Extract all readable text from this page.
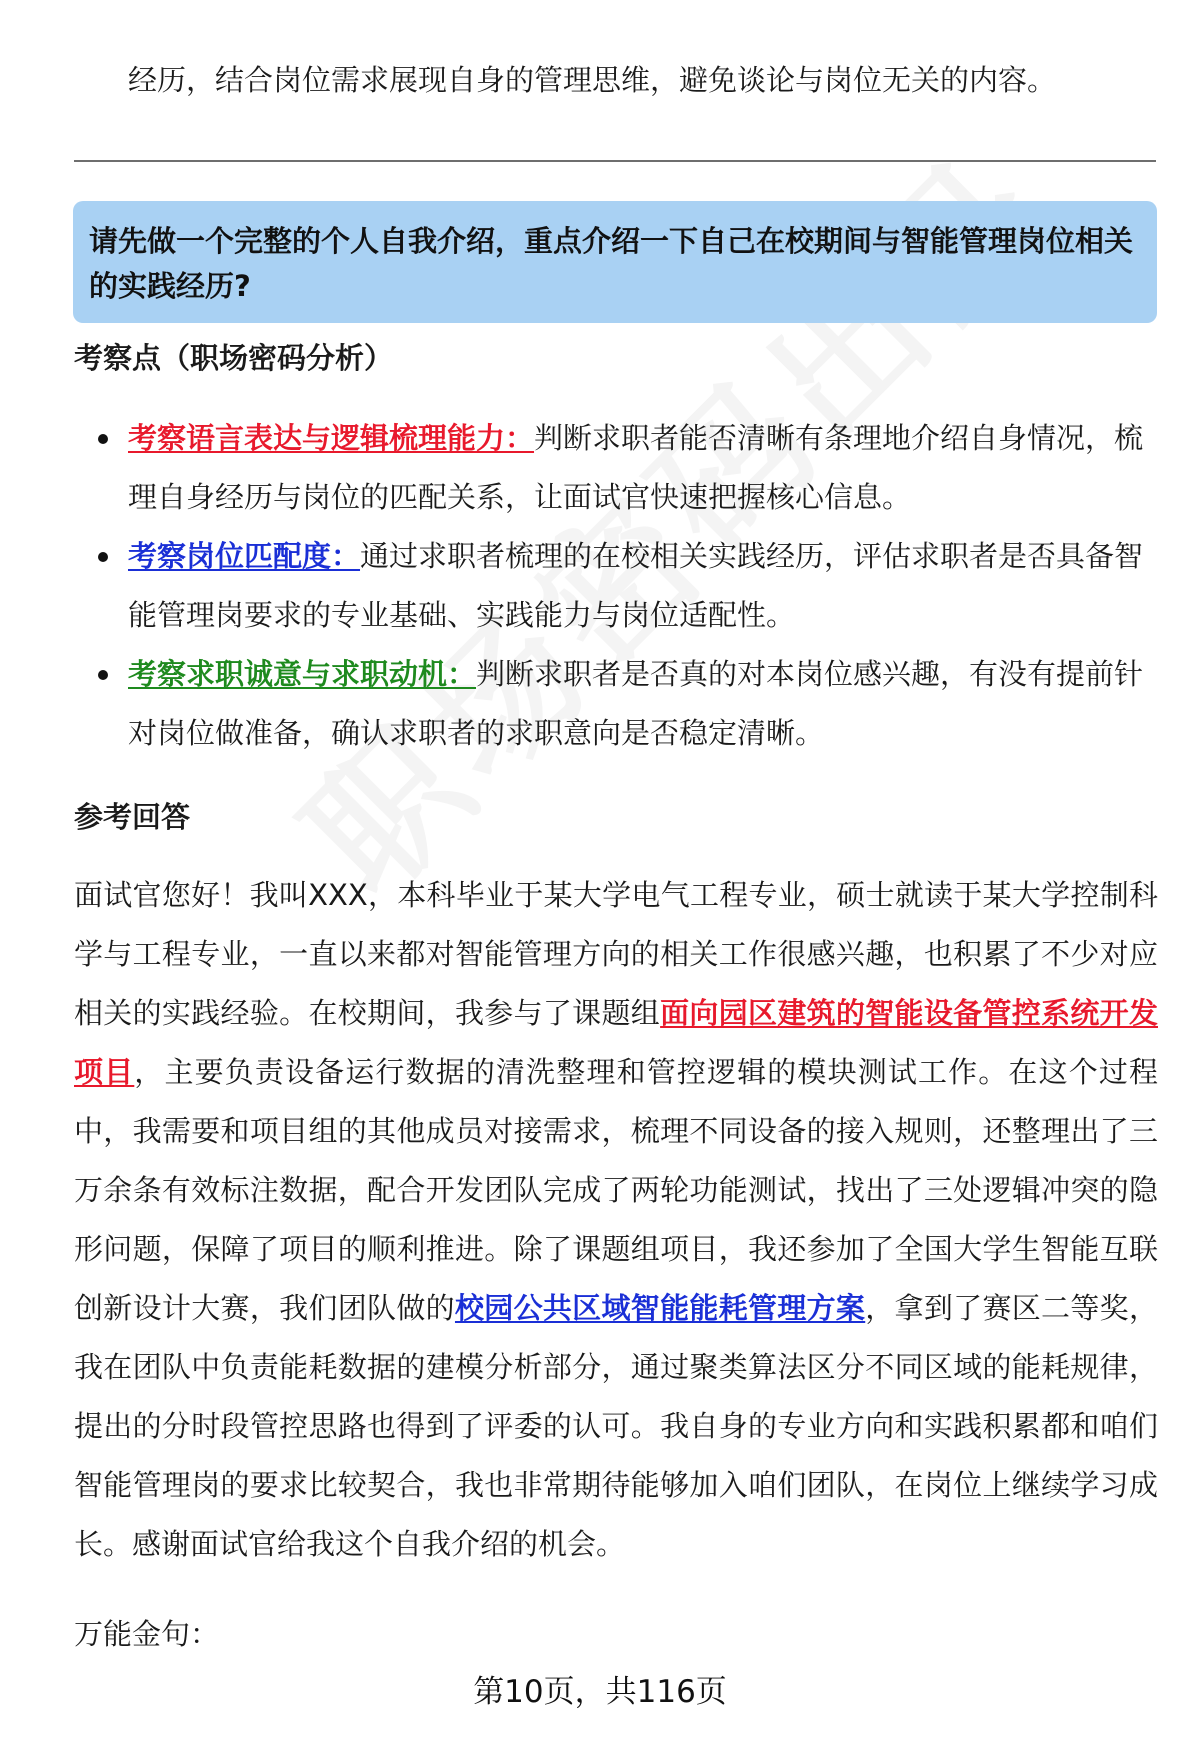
经历，结合岗位需求展现自身的管理思维，避免谈论与岗位无关的内容。
请先做一个完整的个人自我介绍，重点介绍一下自己在校期间与智能管理岗位相关的实践经历?
考察点（职场密码分析）
考察语言表达与逻辑梳理能力：判断求职者能否清晰有条理地介绍自身情况，梳理自身经历与岗位的匹配关系，让面试官快速把握核心信息。
考察岗位匹配度：通过求职者梳理的在校相关实践经历，评估求职者是否具备智能管理岗要求的专业基础、实践能力与岗位适配性。
考察求职诚意与求职动机：判断求职者是否真的对本岗位感兴趣，有没有提前针对岗位做准备，确认求职者的求职意向是否稳定清晰。
参考回答
面试官您好！我叫XXX，本科毕业于某大学电气工程专业，硕士就读于某大学控制科学与工程专业，一直以来都对智能管理方向的相关工作很感兴趣，也积累了不少对应相关的实践经验。在校期间，我参与了课题组面向园区建筑的智能设备管控系统开发项目，主要负责设备运行数据的清洗整理和管控逻辑的模块测试工作。在这个过程中，我需要和项目组的其他成员对接需求，梳理不同设备的接入规则，还整理出了三万余条有效标注数据，配合开发团队完成了两轮功能测试，找出了三处逻辑冲突的隐形问题，保障了项目的顺利推进。除了课题组项目，我还参加了全国大学生智能互联创新设计大赛，我们团队做的校园公共区域智能能耗管理方案，拿到了赛区二等奖，我在团队中负责能耗数据的建模分析部分，通过聚类算法区分不同区域的能耗规律，提出的分时段管控思路也得到了评委的认可。我自身的专业方向和实践积累都和咱们智能管理岗的要求比较契合，我也非常期待能够加入咱们团队，在岗位上继续学习成长。感谢面试官给我这个自我介绍的机会。
万能金句：
第10页，共116页
